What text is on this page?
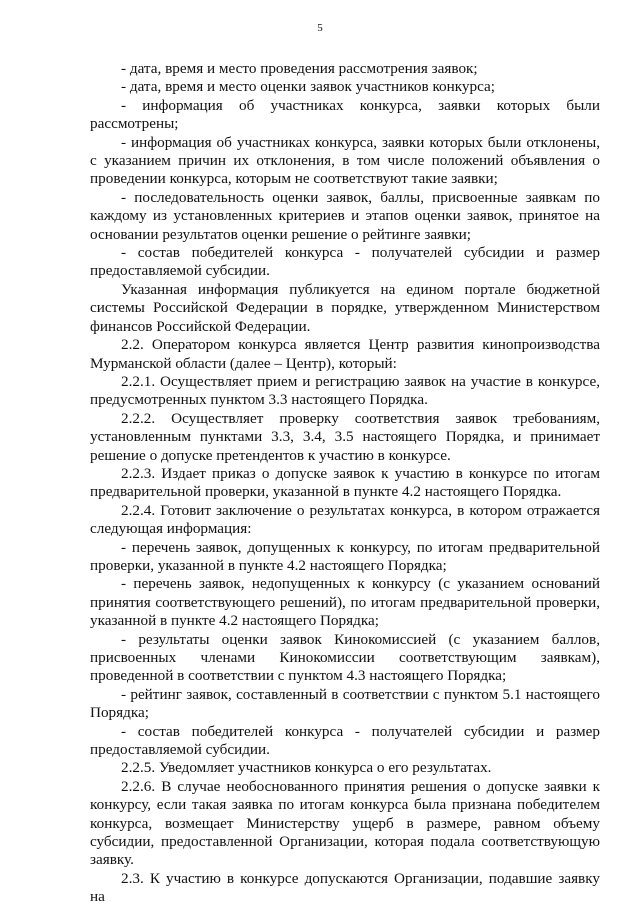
5

- дата, время и место проведения рассмотрения заявок;

- дата, время и место оценки заявок участников конкурса;

- информация об участниках конкурса, заявки которых были рассмотрены;

- информация об участниках конкурса, заявки которых были отклонены, с указанием причин их отклонения, в том числе положений объявления о проведении конкурса, которым не соответствуют такие заявки;

- последовательность оценки заявок, баллы, присвоенные заявкам по каждому из установленных критериев и этапов оценки заявок, принятое на основании результатов оценки решение о рейтинге заявки;

- состав победителей конкурса - получателей субсидии и размер предоставляемой субсидии.

Указанная информация публикуется на едином портале бюджетной системы Российской Федерации в порядке, утвержденном Министерством финансов Российской Федерации.

2.2. Оператором конкурса является Центр развития кинопроизводства Мурманской области (далее – Центр), который:

2.2.1. Осуществляет прием и регистрацию заявок на участие в конкурсе, предусмотренных пунктом 3.3 настоящего Порядка.

2.2.2. Осуществляет проверку соответствия заявок требованиям, установленным пунктами 3.3, 3.4, 3.5 настоящего Порядка, и принимает решение о допуске претендентов к участию в конкурсе.

2.2.3. Издает приказ о допуске заявок к участию в конкурсе по итогам предварительной проверки, указанной в пункте 4.2 настоящего Порядка.

2.2.4. Готовит заключение о результатах конкурса, в котором отражается следующая информация:

- перечень заявок, допущенных к конкурсу, по итогам предварительной проверки, указанной в пункте 4.2 настоящего Порядка;

- перечень заявок, недопущенных к конкурсу (с указанием оснований принятия соответствующего решений), по итогам предварительной проверки, указанной в пункте 4.2 настоящего Порядка;

- результаты оценки заявок Кинокомиссией (с указанием баллов, присвоенных членами Кинокомиссии соответствующим заявкам), проведенной в соответствии с пунктом 4.3 настоящего Порядка;

- рейтинг заявок, составленный в соответствии с пунктом 5.1 настоящего Порядка;

- состав победителей конкурса - получателей субсидии и размер предоставляемой субсидии.

2.2.5. Уведомляет участников конкурса о его результатах.

2.2.6. В случае необоснованного принятия решения о допуске заявки к конкурсу, если такая заявка по итогам конкурса была признана победителем конкурса, возмещает Министерству ущерб в размере, равном объему субсидии, предоставленной Организации, которая подала соответствующую заявку.

2.3. К участию в конкурсе допускаются Организации, подавшие заявку на
